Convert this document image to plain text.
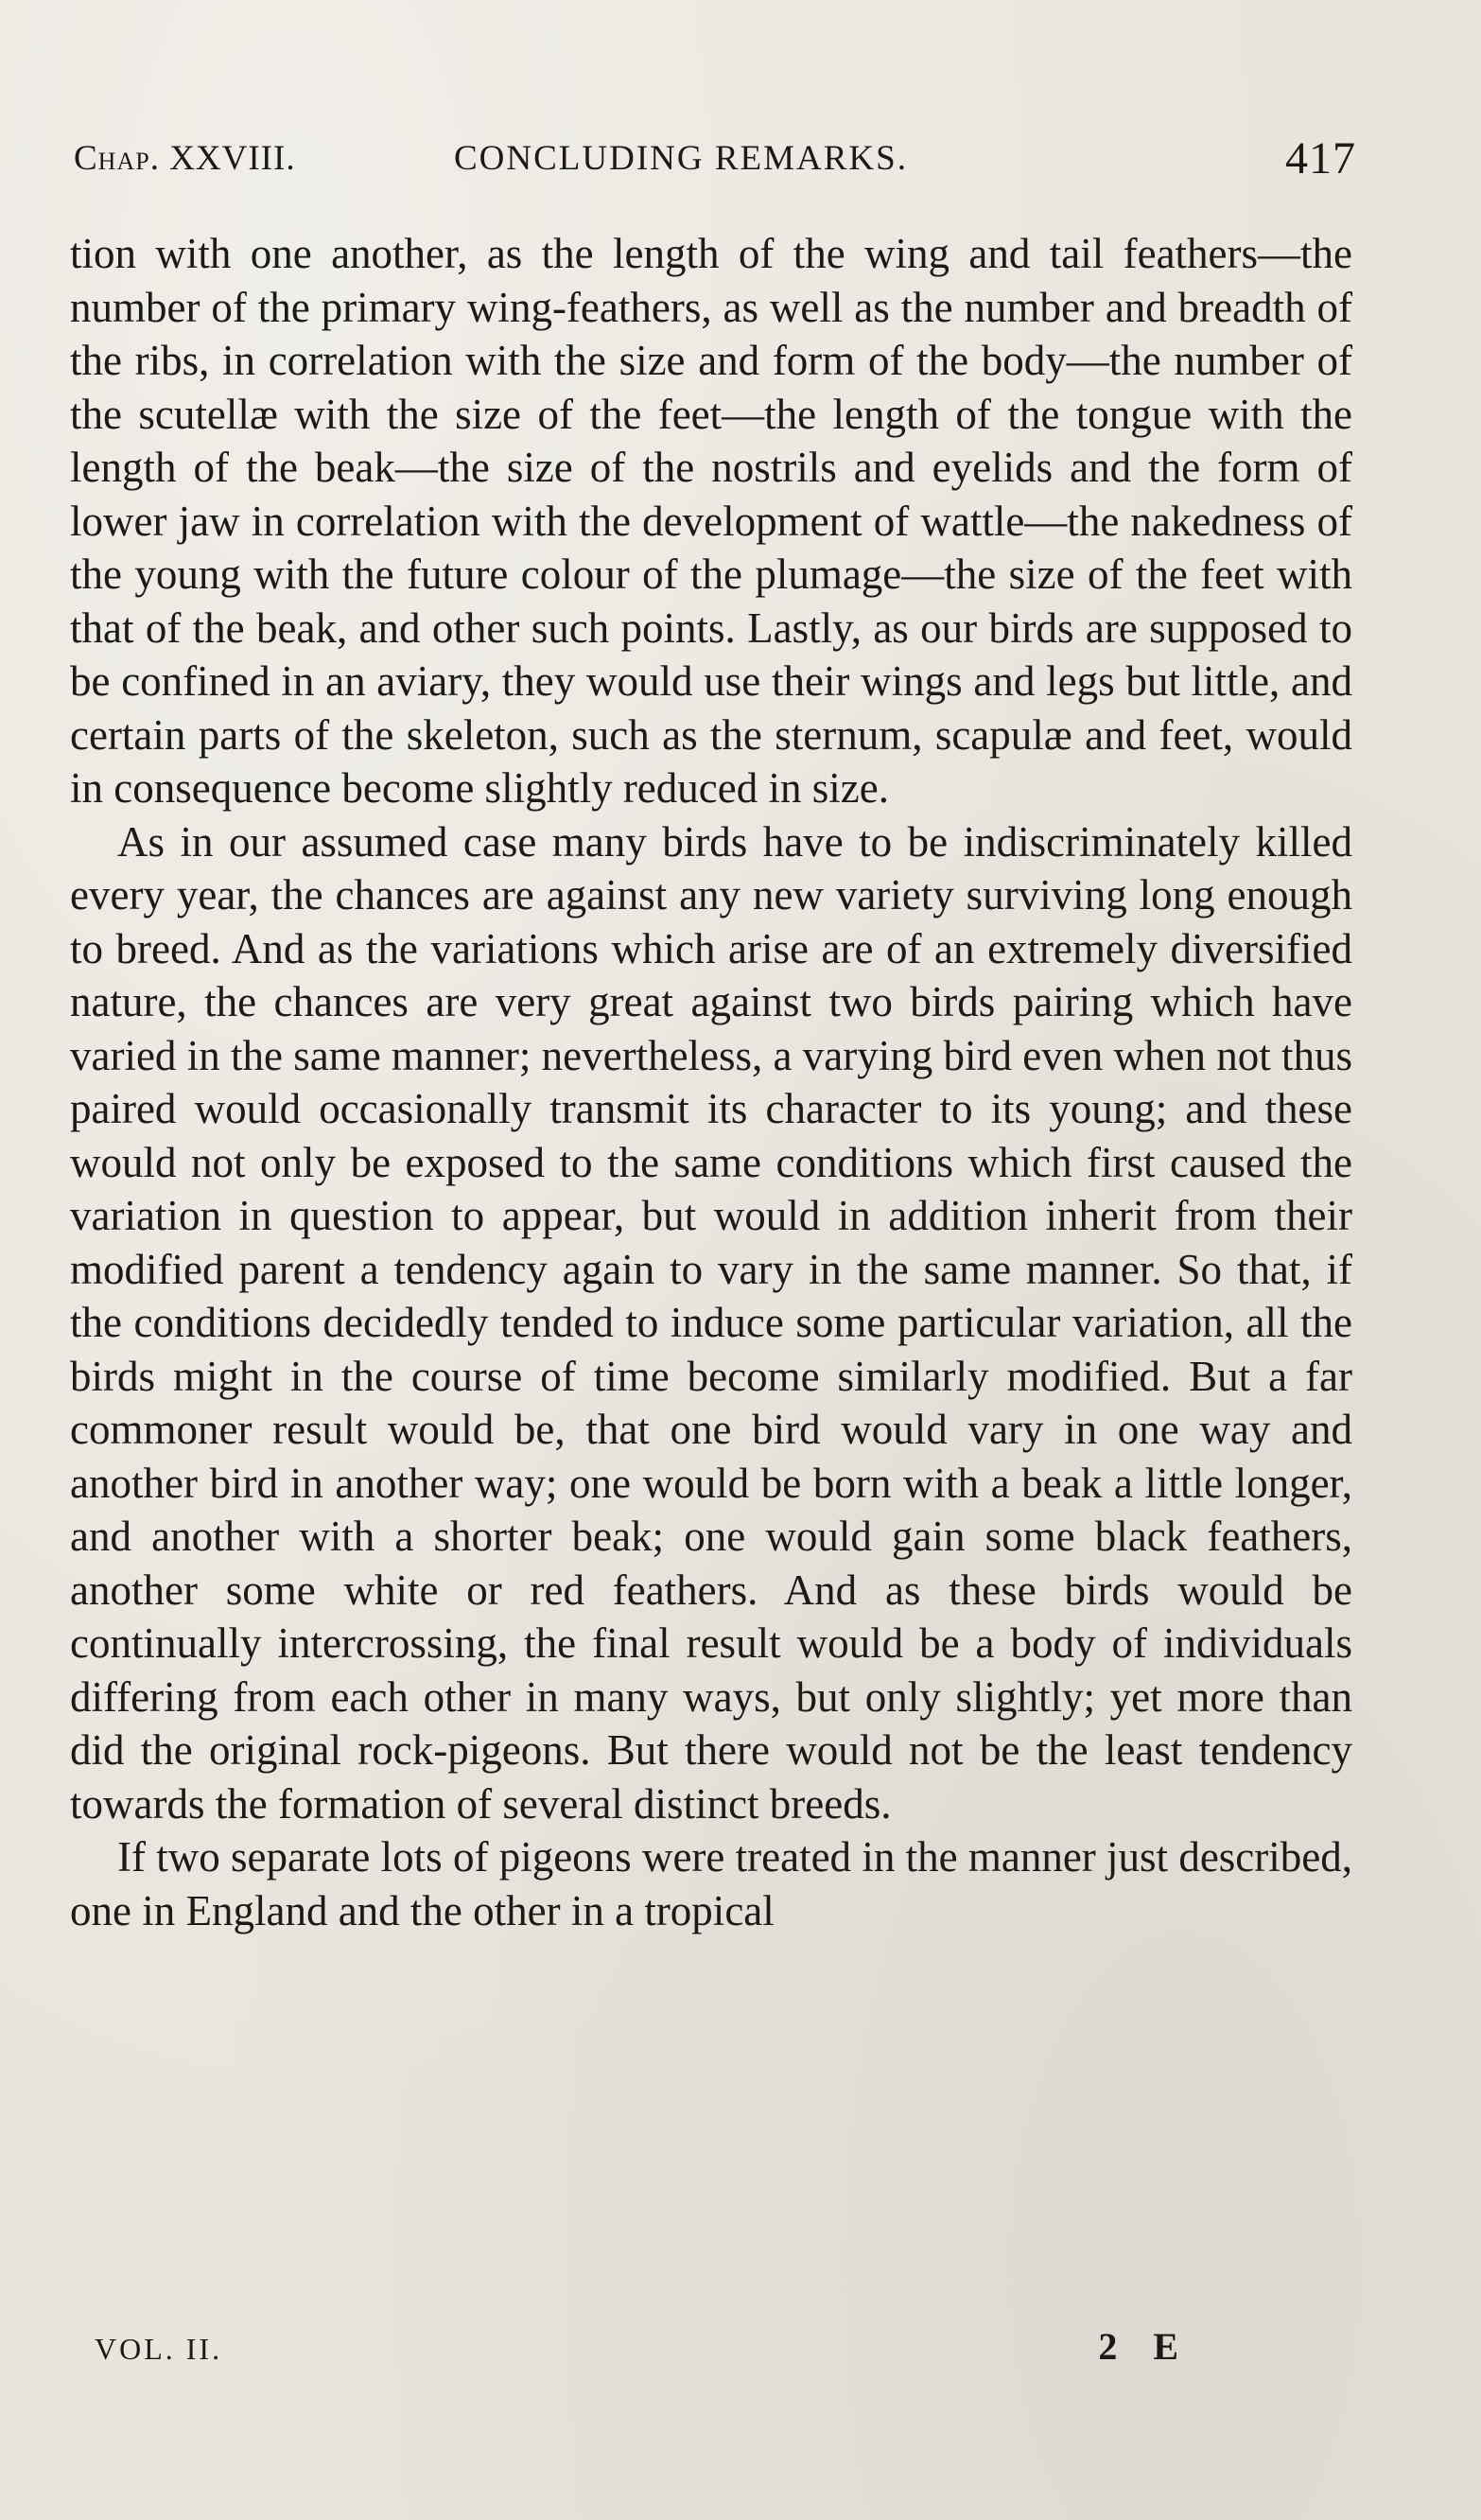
Chap. XXVIII.	CONCLUDING REMARKS.	417

tion with one another, as the length of the wing and tail feathers—the number of the primary wing-feathers, as well as the number and breadth of the ribs, in correlation with the size and form of the body—the number of the scutellæ with the size of the feet—the length of the tongue with the length of the beak—the size of the nostrils and eyelids and the form of lower jaw in correlation with the development of wattle—the nakedness of the young with the future colour of the plumage—the size of the feet with that of the beak, and other such points. Lastly, as our birds are supposed to be confined in an aviary, they would use their wings and legs but little, and certain parts of the skeleton, such as the sternum, scapulæ and feet, would in consequence become slightly reduced in size.

As in our assumed case many birds have to be indiscriminately killed every year, the chances are against any new variety surviving long enough to breed. And as the variations which arise are of an extremely diversified nature, the chances are very great against two birds pairing which have varied in the same manner; nevertheless, a varying bird even when not thus paired would occasionally transmit its character to its young; and these would not only be exposed to the same conditions which first caused the variation in question to appear, but would in addition inherit from their modified parent a tendency again to vary in the same manner. So that, if the conditions decidedly tended to induce some particular variation, all the birds might in the course of time become similarly modified. But a far commoner result would be, that one bird would vary in one way and another bird in another way; one would be born with a beak a little longer, and another with a shorter beak; one would gain some black feathers, another some white or red feathers. And as these birds would be continually intercrossing, the final result would be a body of individuals differing from each other in many ways, but only slightly; yet more than did the original rock-pigeons. But there would not be the least tendency towards the formation of several distinct breeds.

If two separate lots of pigeons were treated in the manner just described, one in England and the other in a tropical

VOL. II.	2 E
